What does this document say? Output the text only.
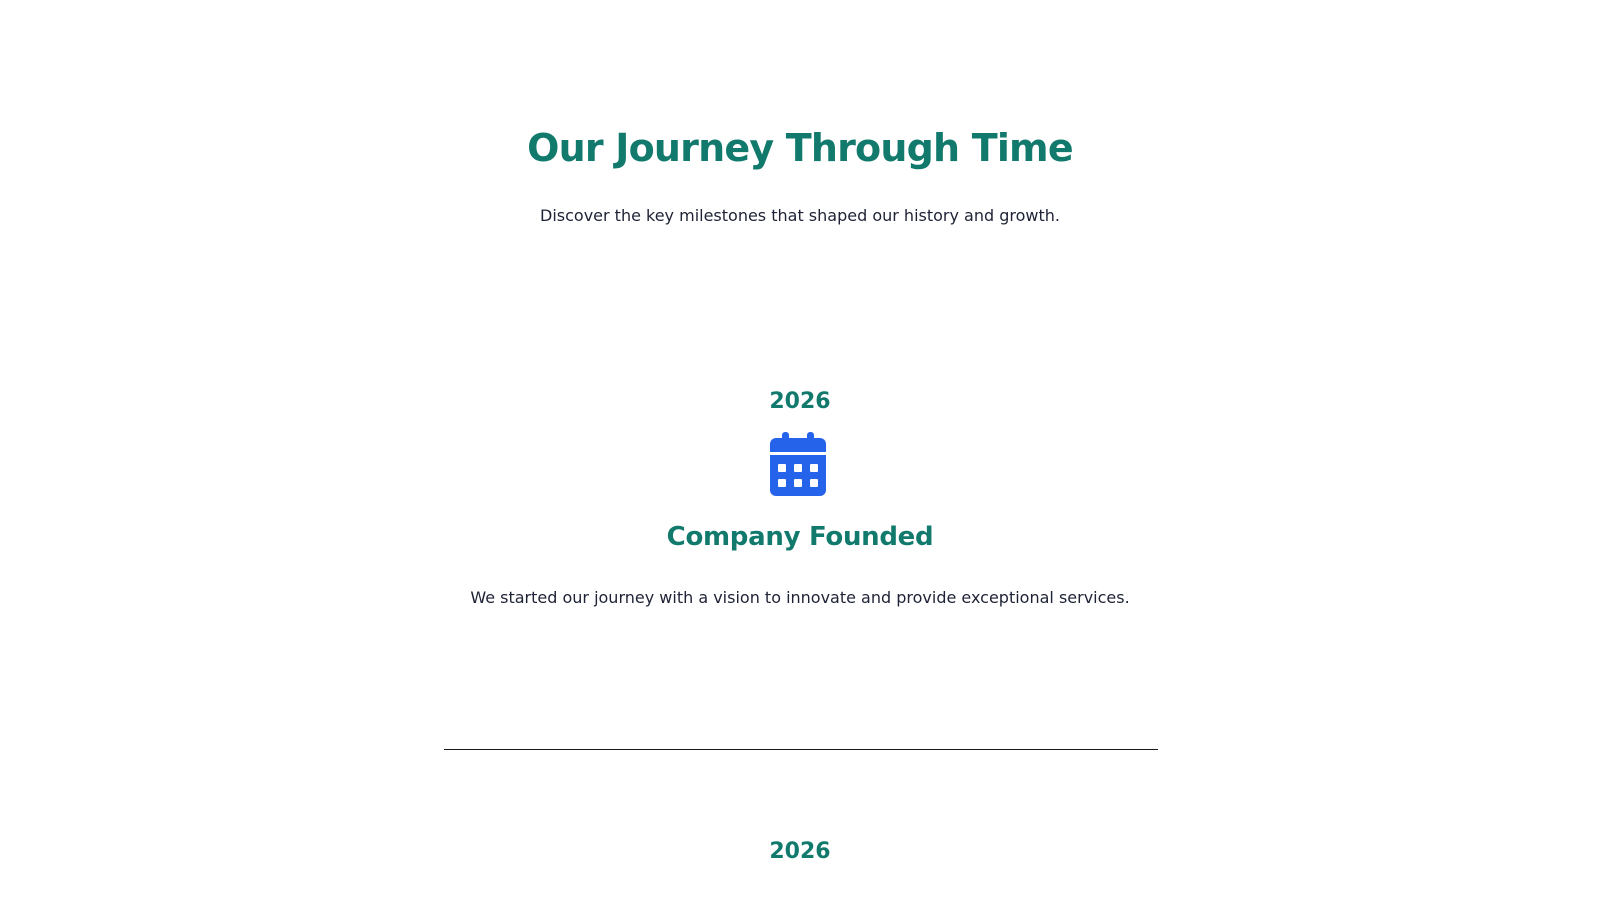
Our Journey Through Time

Discover the key milestones that shaped our history and growth.

2026
Company Founded

We started our journey with a vision to innovate and provide exceptional services.

2026
